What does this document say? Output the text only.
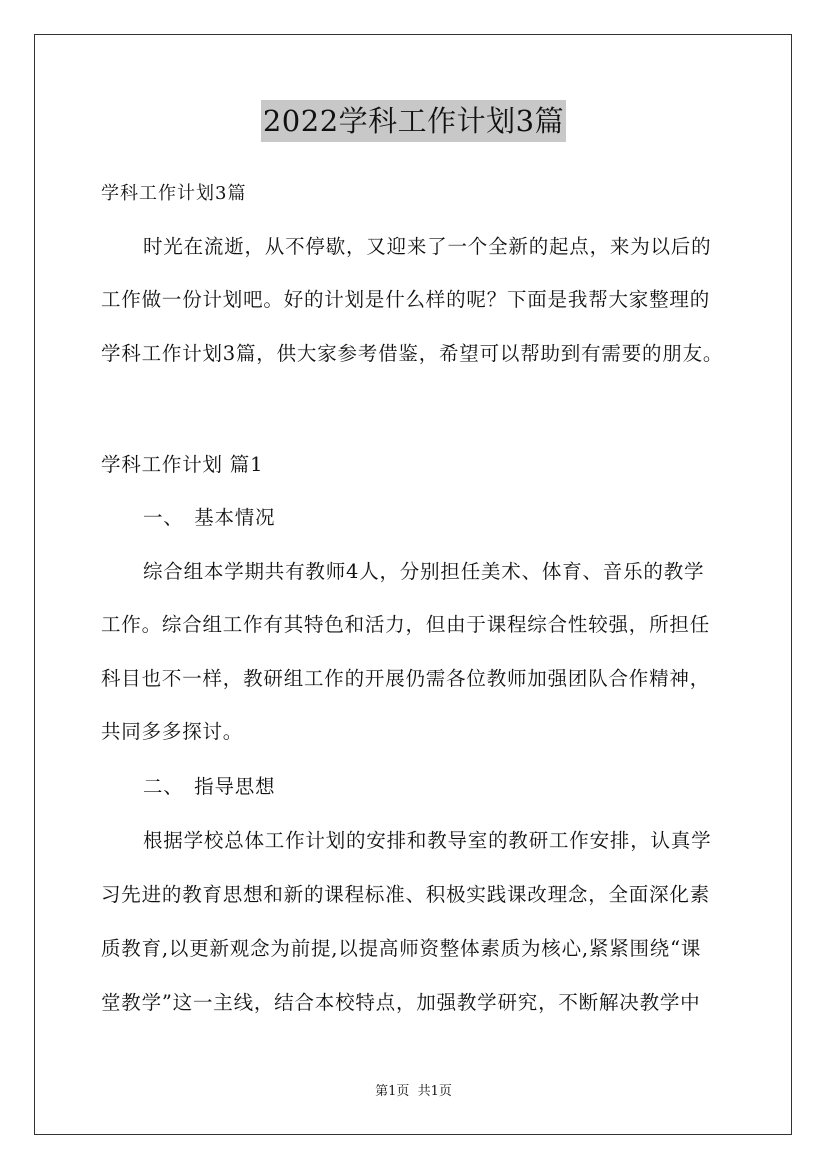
2022学科工作计划3篇
学科工作计划3篇
时光在流逝，从不停歇，又迎来了一个全新的起点，来为以后的
工作做一份计划吧。好的计划是什么样的呢？下面是我帮大家整理的
学科工作计划3篇，供大家参考借鉴，希望可以帮助到有需要的朋友。
学科工作计划 篇1
一、　基本情况
综合组本学期共有教师4人，分别担任美术、体育、音乐的教学
工作。综合组工作有其特色和活力，但由于课程综合性较强，所担任
科目也不一样，教研组工作的开展仍需各位教师加强团队合作精神，
共同多多探讨。
二、　指导思想
根据学校总体工作计划的安排和教导室的教研工作安排，认真学
习先进的教育思想和新的课程标准、积极实践课改理念，全面深化素
质教育,以更新观念为前提,以提高师资整体素质为核心,紧紧围绕“课
堂教学”这一主线，结合本校特点，加强教学研究，不断解决教学中
第1页  共1页
